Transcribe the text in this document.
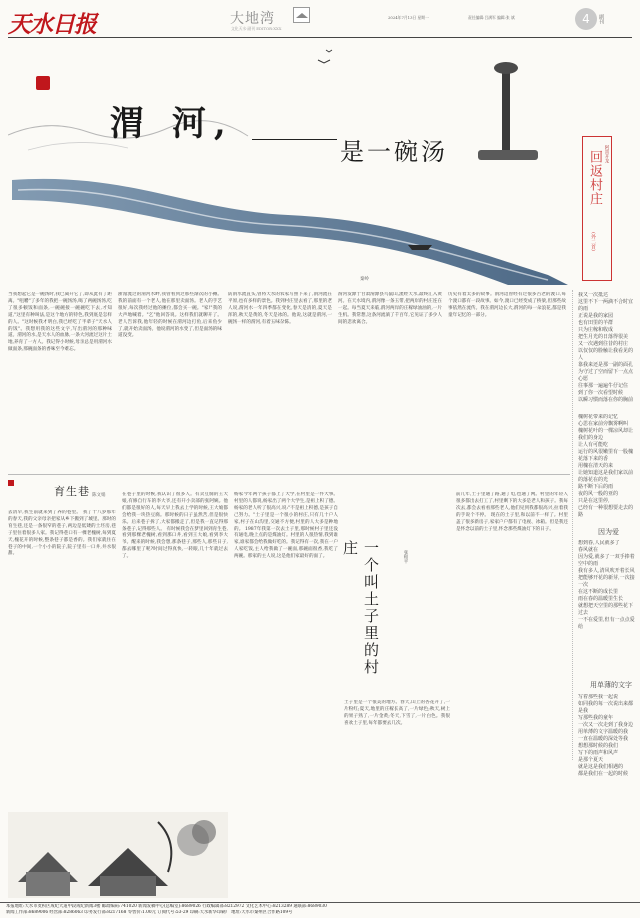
天水日报	大地湾
文化天水·副刊 EDITOR:XXX
2024年7月13日 星期一	责任编辑:吕满军 编辑:张 斌	4	副刊
渭 河,
是一碗汤
秦岭
回返村庄
(外二首)
阿晋开龙
当我想起它是一碗汤时,我已离开它了,即从此有了距离。"咀嚼"了多年的我把一碗汤汤,喝了两碗汤汤,吃了很多顿饭和面条,一碗碗接一碗碗吃下去,才知道,"这里有种叫法,是这个地方的特色,我到底是怎样的人。"这时候我才明白,我已经吃了半辈子"天水人的饭"。我想用我的这些文字,写出渭河的那种味道。渭河的水,是天水人的血脉,一条大河流过这片土地,养育了一方人。我记得小时候,母亲总是用渭河水做面条,那碗面条的香味至今难忘。
浙漫流过的渭河水畔,我曾看到过那些渐次的小摊。我的前面有一个老人,他在那里卖面汤。老人的手艺很好,每次我经过他的摊位,都会买一碗。"家!"我的大声地喊着。"乞"他回答说。这样我们就聊开了。老人告诉我,他年轻的时候在渭河边打鱼,后来鱼少了,就开始卖面汤。他说渭河的水变了,但是面汤的味道没变。
防渭水流直头,曾将天水的农家写照下来了,渭河流在平原,也有多样的景色。我到村庄里去看了,那里的老人说,渭河水一年四季都在变化,春天是清的,夏天是浑的,秋天是黄的,冬天是冰的。他说,这就是渭河,一碗汤一样的渭河,有着五味杂陈。
渭河发源于甘肃渭源县鸟鼠山,流经天水,最终汇入黄河。在天水境内,渭河像一条玉带,把两岸的村庄连在一起。每当夏天来临,渭河两岸的庄稼绿油油的,一片生机。我常想,这条河流淌了千百年,它见证了多少人间的悲欢离合。
历史有着太多的故事。渭河边曾经有过很多古老的渡口,每个渡口都有一段故事。如今,渡口已经变成了桥梁,但那些故事依然在流传。我在渭河边长大,渭河的每一朵浪花,都是我童年记忆的一部分。
我又一次抵达
这里不下一两滴不合时宜的雨
正说是我的家园
也有田里的羊群
只为庄稼和收成
把生月光的日落得很美
又一次遇到往昔的村庄
以仅仅的脸触让我看见的人
靠我来还是那一副的面孔
为守过了空而留下一点点心愿
往事那一遍遍牛仔记住
到了你一次看望时候
以瞬习惯而落在你的胸前
槐树花带来的记忆
心思在家前旁飘雾啊叫
槐树花叶的一棵凉风却让我们的身边
让人有可能吃
运行的风很嫩里有一股槐花落下来的香
用槐在清天的来
让她知道这是我们家以前的落花在的光
路不断下后的雨
夜的风一般的亚的
只是在这里停,
已经有一种很想要走去的路
因为爱
想到春,人民就多了
春风就在
因为爱,就多了一双手捧着空中的雨
我有多人,清风吹开着长风
把能够开花的新芽,一次接一次
在这不断的成长里
雨在春的温暖里生长
就想把天空里的那些花下过去
一不在爱里,但有一点点爱给
用单薄的文字
写着那些我一起说
如同我的每一次说出来都是我
写那些我的童年
一次又一次走到了我身边
用单薄的文字温暖的我
一直在温暖的深处等我
想想那时候的我们
写下的雨声和风声
是那个夏天
就是这是我们相遇的
都是我们在一起的时候
育生巷 陈文娟
去清早,我生前就来到了养的巷里。 我了十八岁那年的春天,我的父亲母亲把家从乡下搬到了城里。那时的育生巷,还是一条很窄的巷子,两边是低矮的土坯房,巷子里住着很多人家。我记得巷口有一棵老槐树,每到夏天,槐花开的时候,整条巷子都是香的。我们家就住在巷子的中间,一个小小的院子,院子里有一口井,井水很甜。
在巷子里的时候,我认识了很多人。有卖豆腐的王大娘,有修自行车的李大爷,还有开小卖部的张阿姨。他们都是很好的人,每天早上我去上学的时候,王大娘都会给我一块热豆腐。那时候的日子虽然苦,但是很快乐。后来巷子拆了,大家都搬走了,但是我一直记得那条巷子,记得那些人。 有时候我会在梦里回到育生巷,看到那棵老槐树,看到那口井,看到王大娘,看到李大爷。醒来的时候,我会想,那条巷子,那些人,那些日子,都去哪里了呢?时间过得真快,一转眼,几十年就过去了。	一个叫土子里的村庄	张和平
杨家今年两个孩子都上了大学,在村里是一件大事。村里的人都说,杨家出了两个大学生,是祖上积了德。杨家的老人听了很高兴,说:"不是祖上积德,是孩子自己努力。"土子里是一个很小的村庄,只有几十户人家,村子在山沟里,交通不方便,村里的人大多是种地的。 1987年我第一次去土子里,那时候村子里还没有通电,晚上点的是煤油灯。村里的人很热情,我到谁家,谁家都会给我做好吃的。我记得有一次,我在一户人家吃饭,主人给我做了一碗面,那碗面很香,我吃了两碗。那家的主人说,这是他们家最好的面了。
土子里是一个很美的地方。春天,山上的杏花开了,一片粉红;夏天,地里的庄稼长高了,一片绿色;秋天,树上的果子熟了,一片金黄;冬天,下雪了,一片白色。我很喜欢土子里,每年都要去几次。
前几年,土子里通了路,通了电,也通了网。村里的年轻人很多都出去打工了,村里剩下的大多是老人和孩子。我每次去,都会去看看那些老人,他们见到我都很高兴,拉着我的手说个不停。 现在的土子里,和以前不一样了。村里盖了很多新房子,家家户户都有了电视、冰箱。但是我还是怀念以前的土子里,怀念那些煤油灯下的日子。
本报地址:天水市麦积区成纪大道中段成纪新闻3楼 邮政编码:741020 新闻发稿中心(总编室):8689026 行政编辑部:8212972 文化艺术中心:8213289 通联部:8689030
新闻工作部:8689006 经营部:8286063 印务发行部:8217168 零售价:1.00元 订阅代号:53-29 印刷:天水新华印刷厂 地址:天水市秦州区合作路109号
